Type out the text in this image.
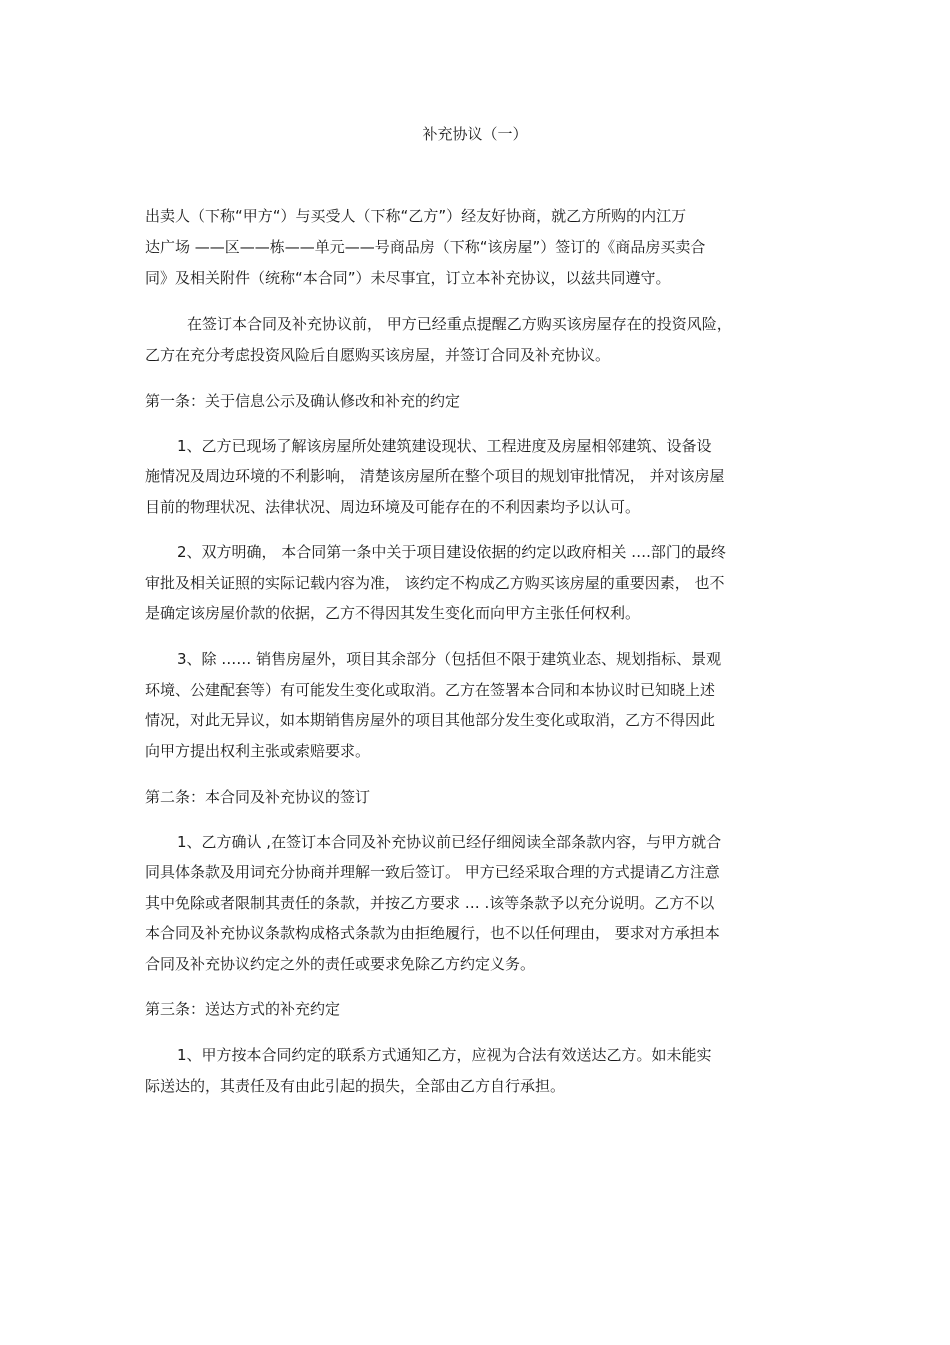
补充协议（一）

出卖人（下称“甲方“）与买受人（下称“乙方”）经友好协商，就乙方所购的内江万

达广场 ——区——栋——单元——号商品房（下称“该房屋”）签订的《商品房买卖合

同》及相关附件（统称“本合同”）未尽事宜，订立本补充协议，以兹共同遵守。

在签订本合同及补充协议前， 甲方已经重点提醒乙方购买该房屋存在的投资风险，

乙方在充分考虑投资风险后自愿购买该房屋，并签订合同及补充协议。

第一条：关于信息公示及确认修改和补充的约定

1、乙方已现场了解该房屋所处建筑建设现状、工程进度及房屋相邻建筑、设备设

施情况及周边环境的不利影响， 清楚该房屋所在整个项目的规划审批情况， 并对该房屋

目前的物理状况、法律状况、周边环境及可能存在的不利因素均予以认可。

2、双方明确， 本合同第一条中关于项目建设依据的约定以政府相关 ….部门的最终

审批及相关证照的实际记载内容为准， 该约定不构成乙方购买该房屋的重要因素， 也不

是确定该房屋价款的依据，乙方不得因其发生变化而向甲方主张任何权利。

3、除 …… 销售房屋外，项目其余部分（包括但不限于建筑业态、规划指标、景观

环境、公建配套等）有可能发生变化或取消。乙方在签署本合同和本协议时已知晓上述

情况，对此无异议，如本期销售房屋外的项目其他部分发生变化或取消，乙方不得因此

向甲方提出权利主张或索赔要求。

第二条：本合同及补充协议的签订

1、乙方确认 ,在签订本合同及补充协议前已经仔细阅读全部条款内容，与甲方就合

同具体条款及用词充分协商并理解一致后签订。 甲方已经采取合理的方式提请乙方注意

其中免除或者限制其责任的条款，并按乙方要求 … .该等条款予以充分说明。乙方不以

本合同及补充协议条款构成格式条款为由拒绝履行，也不以任何理由， 要求对方承担本

合同及补充协议约定之外的责任或要求免除乙方约定义务。

第三条：送达方式的补充约定

1、甲方按本合同约定的联系方式通知乙方，应视为合法有效送达乙方。如未能实

际送达的，其责任及有由此引起的损失，全部由乙方自行承担。
